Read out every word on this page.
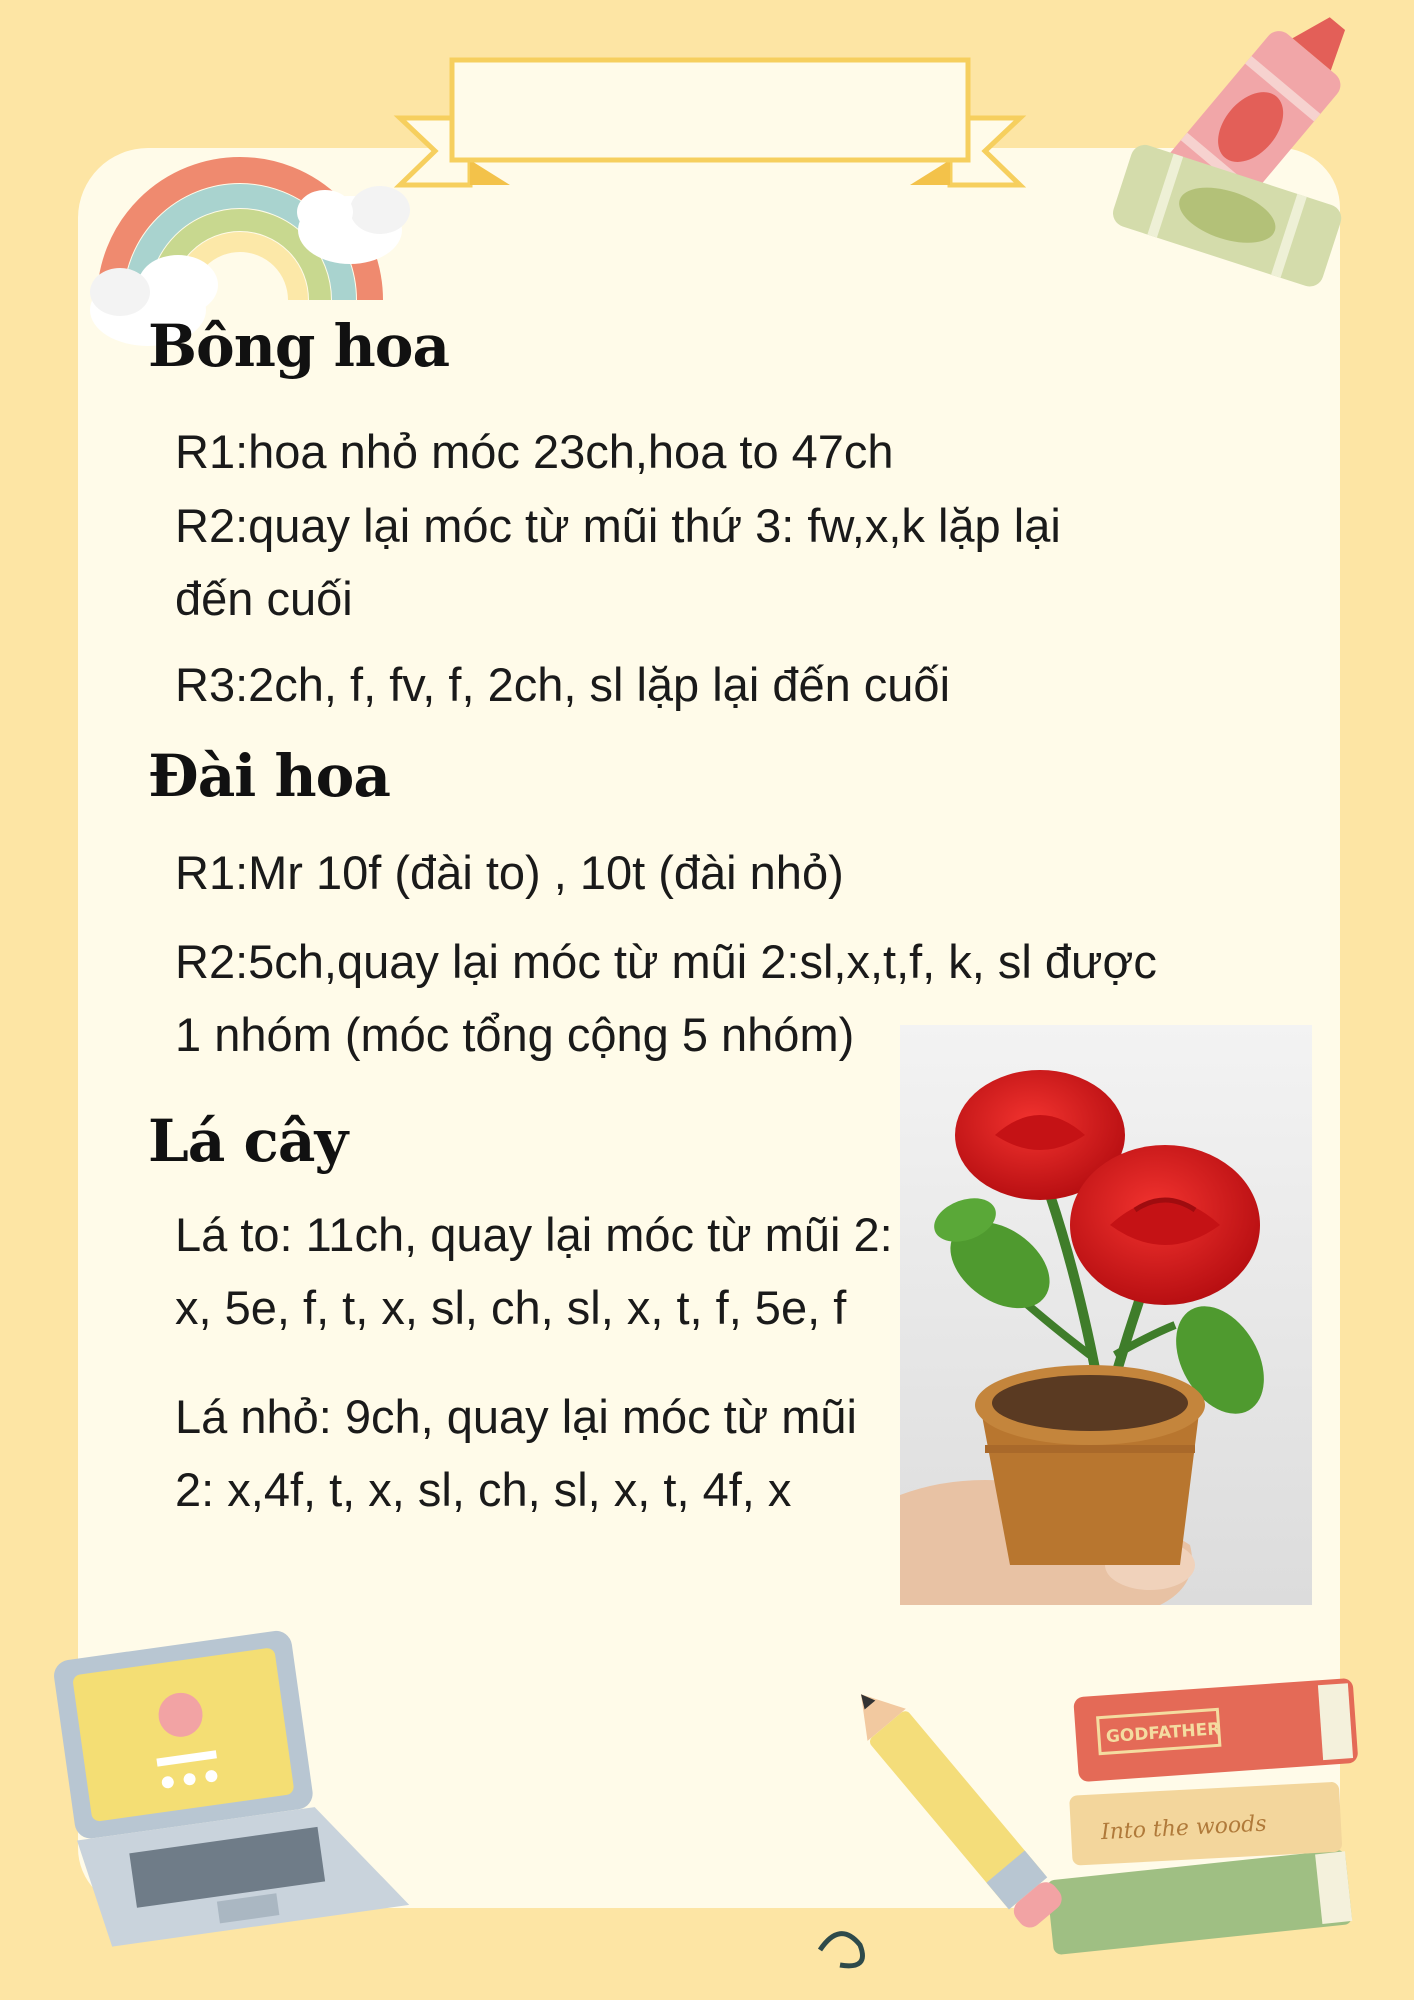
Bông hoa

R1:hoa nhỏ móc 23ch,hoa to 47ch

R2:quay lại móc từ mũi thứ 3: fw,x,k lặp lại

đến cuối

R3:2ch, f, fv, f, 2ch, sl lặp lại đến cuối

Đài hoa

R1:Mr 10f (đài to) , 10t (đài nhỏ)

R2:5ch,quay lại móc từ mũi 2:sl,x,t,f, k, sl được

1 nhóm (móc tổng cộng 5 nhóm)

Lá cây

Lá to: 11ch, quay lại móc từ mũi 2:

x, 5e, f, t, x, sl, ch, sl, x, t, f, 5e, f

Lá nhỏ: 9ch, quay lại móc từ mũi

2: x,4f, t, x, sl, ch, sl, x, t, 4f, x

Into the woods
GODFATHER
